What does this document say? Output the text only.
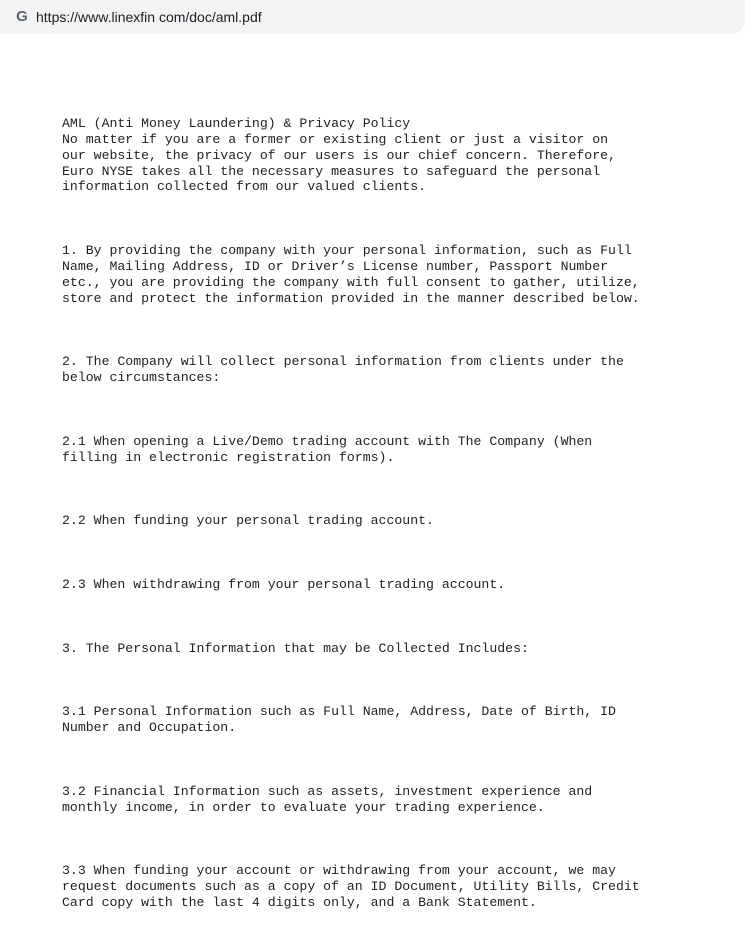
G https://www.linexfin com/doc/aml.pdf

AML (Anti Money Laundering) & Privacy Policy
No matter if you are a former or existing client or just a visitor on
our website, the privacy of our users is our chief concern. Therefore,
Euro NYSE takes all the necessary measures to safeguard the personal
information collected from our valued clients.

1. By providing the company with your personal information, such as Full
Name, Mailing Address, ID or Driver’s License number, Passport Number
etc., you are providing the company with full consent to gather, utilize,
store and protect the information provided in the manner described below.

2. The Company will collect personal information from clients under the
below circumstances:

2.1 When opening a Live/Demo trading account with The Company (When
filling in electronic registration forms).

2.2 When funding your personal trading account.

2.3 When withdrawing from your personal trading account.

3. The Personal Information that may be Collected Includes:

3.1 Personal Information such as Full Name, Address, Date of Birth, ID
Number and Occupation.

3.2 Financial Information such as assets, investment experience and
monthly income, in order to evaluate your trading experience.

3.3 When funding your account or withdrawing from your account, we may
request documents such as a copy of an ID Document, Utility Bills, Credit
Card copy with the last 4 digits only, and a Bank Statement.
